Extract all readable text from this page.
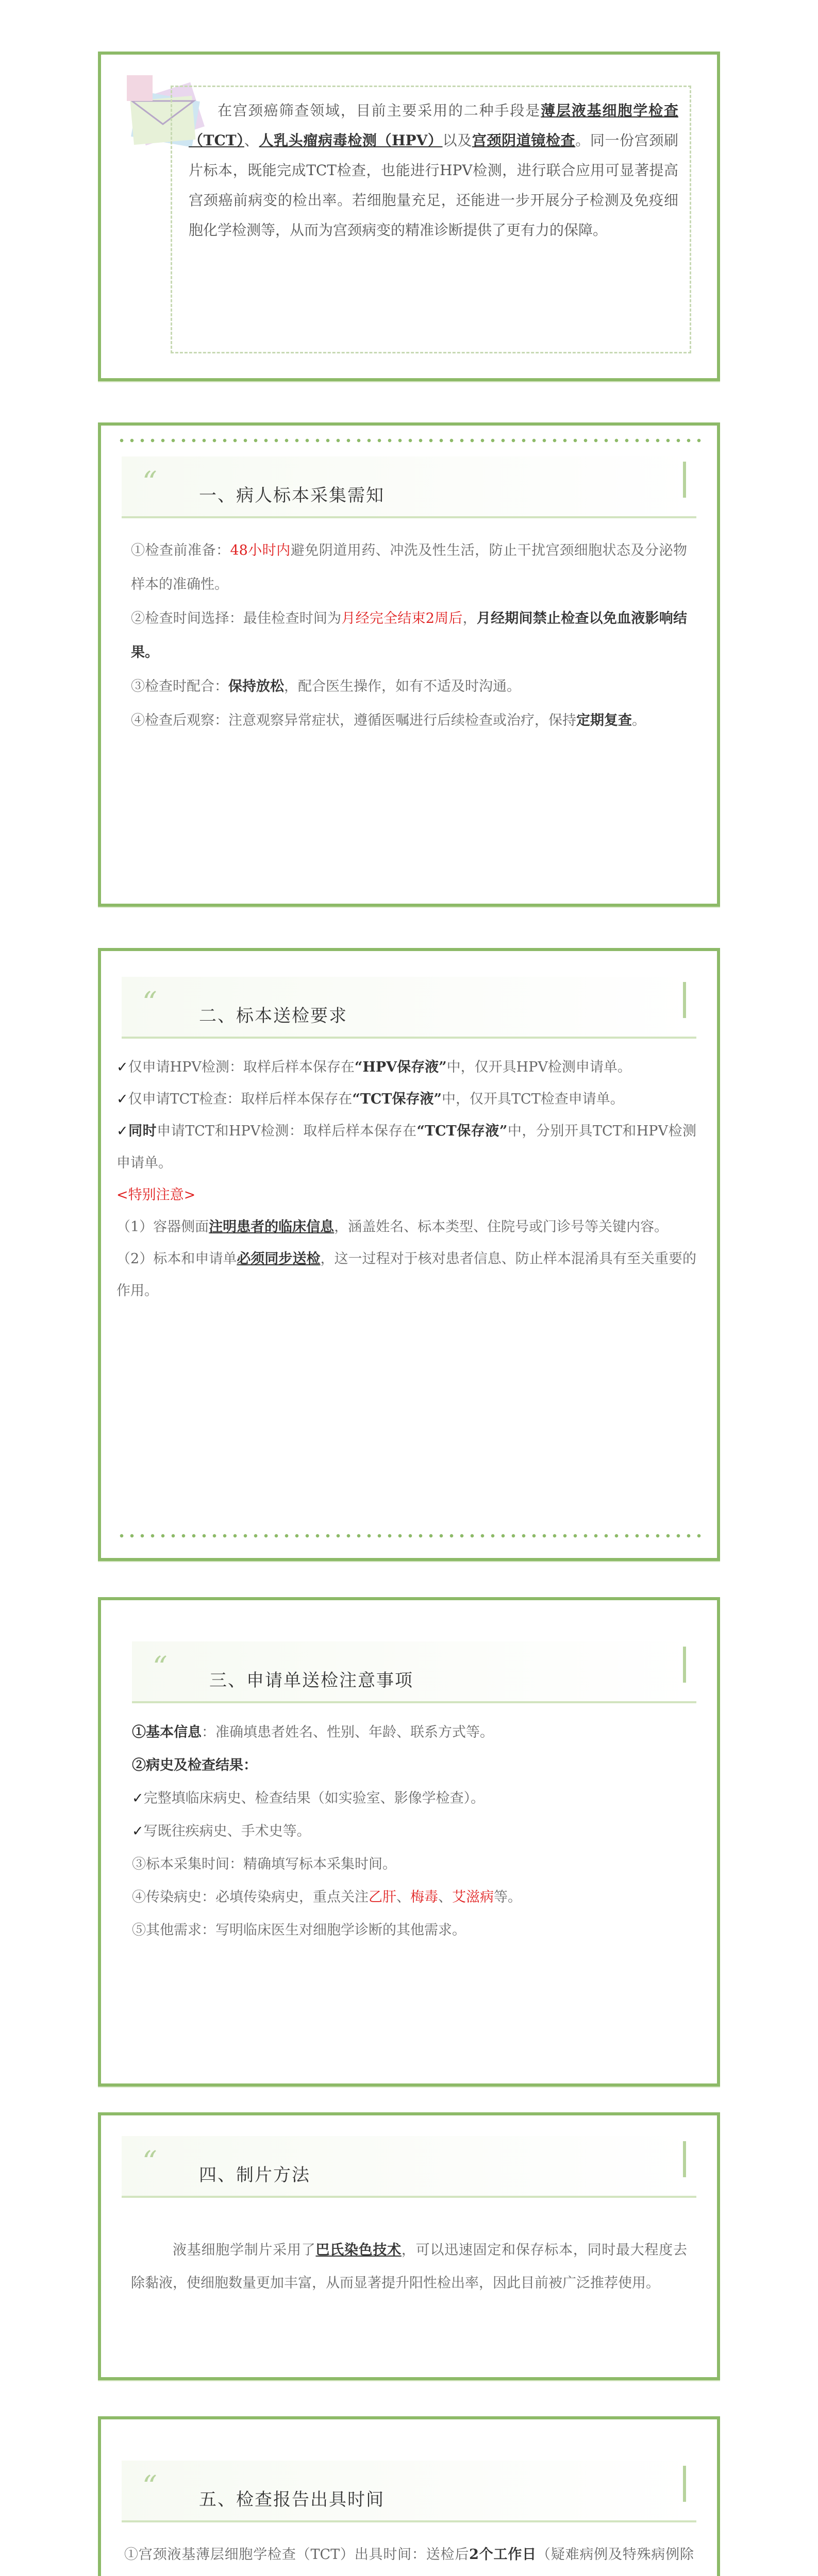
在宫颈癌筛查领域，目前主要采用的二种手段是薄层液基细胞学检查（TCT）、人乳头瘤病毒检测（HPV）以及宫颈阴道镜检查。同一份宫颈刷片标本，既能完成TCT检查，也能进行HPV检测，进行联合应用可显著提高宫颈癌前病变的检出率。若细胞量充足，还能进一步开展分子检测及免疫细胞化学检测等，从而为宫颈病变的精准诊断提供了更有力的保障。
“ 一、病人标本采集需知

①检查前准备：48小时内避免阴道用药、冲洗及性生活，防止干扰宫颈细胞状态及分泌物样本的准确性。

②检查时间选择：最佳检查时间为月经完全结束2周后，月经期间禁止检查以免血液影响结果。

③检查时配合：保持放松，配合医生操作，如有不适及时沟通。

④检查后观察：注意观察异常症状，遵循医嘱进行后续检查或治疗，保持定期复查。

“ 二、标本送检要求

✓仅申请HPV检测：取样后样本保存在“HPV保存液”中，仅开具HPV检测申请单。

✓仅申请TCT检查：取样后样本保存在“TCT保存液”中，仅开具TCT检查申请单。

✓同时申请TCT和HPV检测：取样后样本保存在“TCT保存液”中，分别开具TCT和HPV检测申请单。

<特别注意>

（1）容器侧面注明患者的临床信息，涵盖姓名、标本类型、住院号或门诊号等关键内容。

（2）标本和申请单必须同步送检，这一过程对于核对患者信息、防止样本混淆具有至关重要的作用。

“ 三、申请单送检注意事项

①基本信息：准确填患者姓名、性别、年龄、联系方式等。

②病史及检查结果：

✓完整填临床病史、检查结果（如实验室、影像学检查）。

✓写既往疾病史、手术史等。

③标本采集时间：精确填写标本采集时间。

④传染病史：必填传染病史，重点关注乙肝、梅毒、艾滋病等。

⑤其他需求：写明临床医生对细胞学诊断的其他需求。

“ 四、制片方法

液基细胞学制片采用了巴氏染色技术，可以迅速固定和保存标本，同时最大程度去除黏液，使细胞数量更加丰富，从而显著提升阳性检出率，因此目前被广泛推荐使用。

“ 五、检查报告出具时间

①宫颈液基薄层细胞学检查（TCT）出具时间：送检后2个工作日（疑难病例及特殊病例除
